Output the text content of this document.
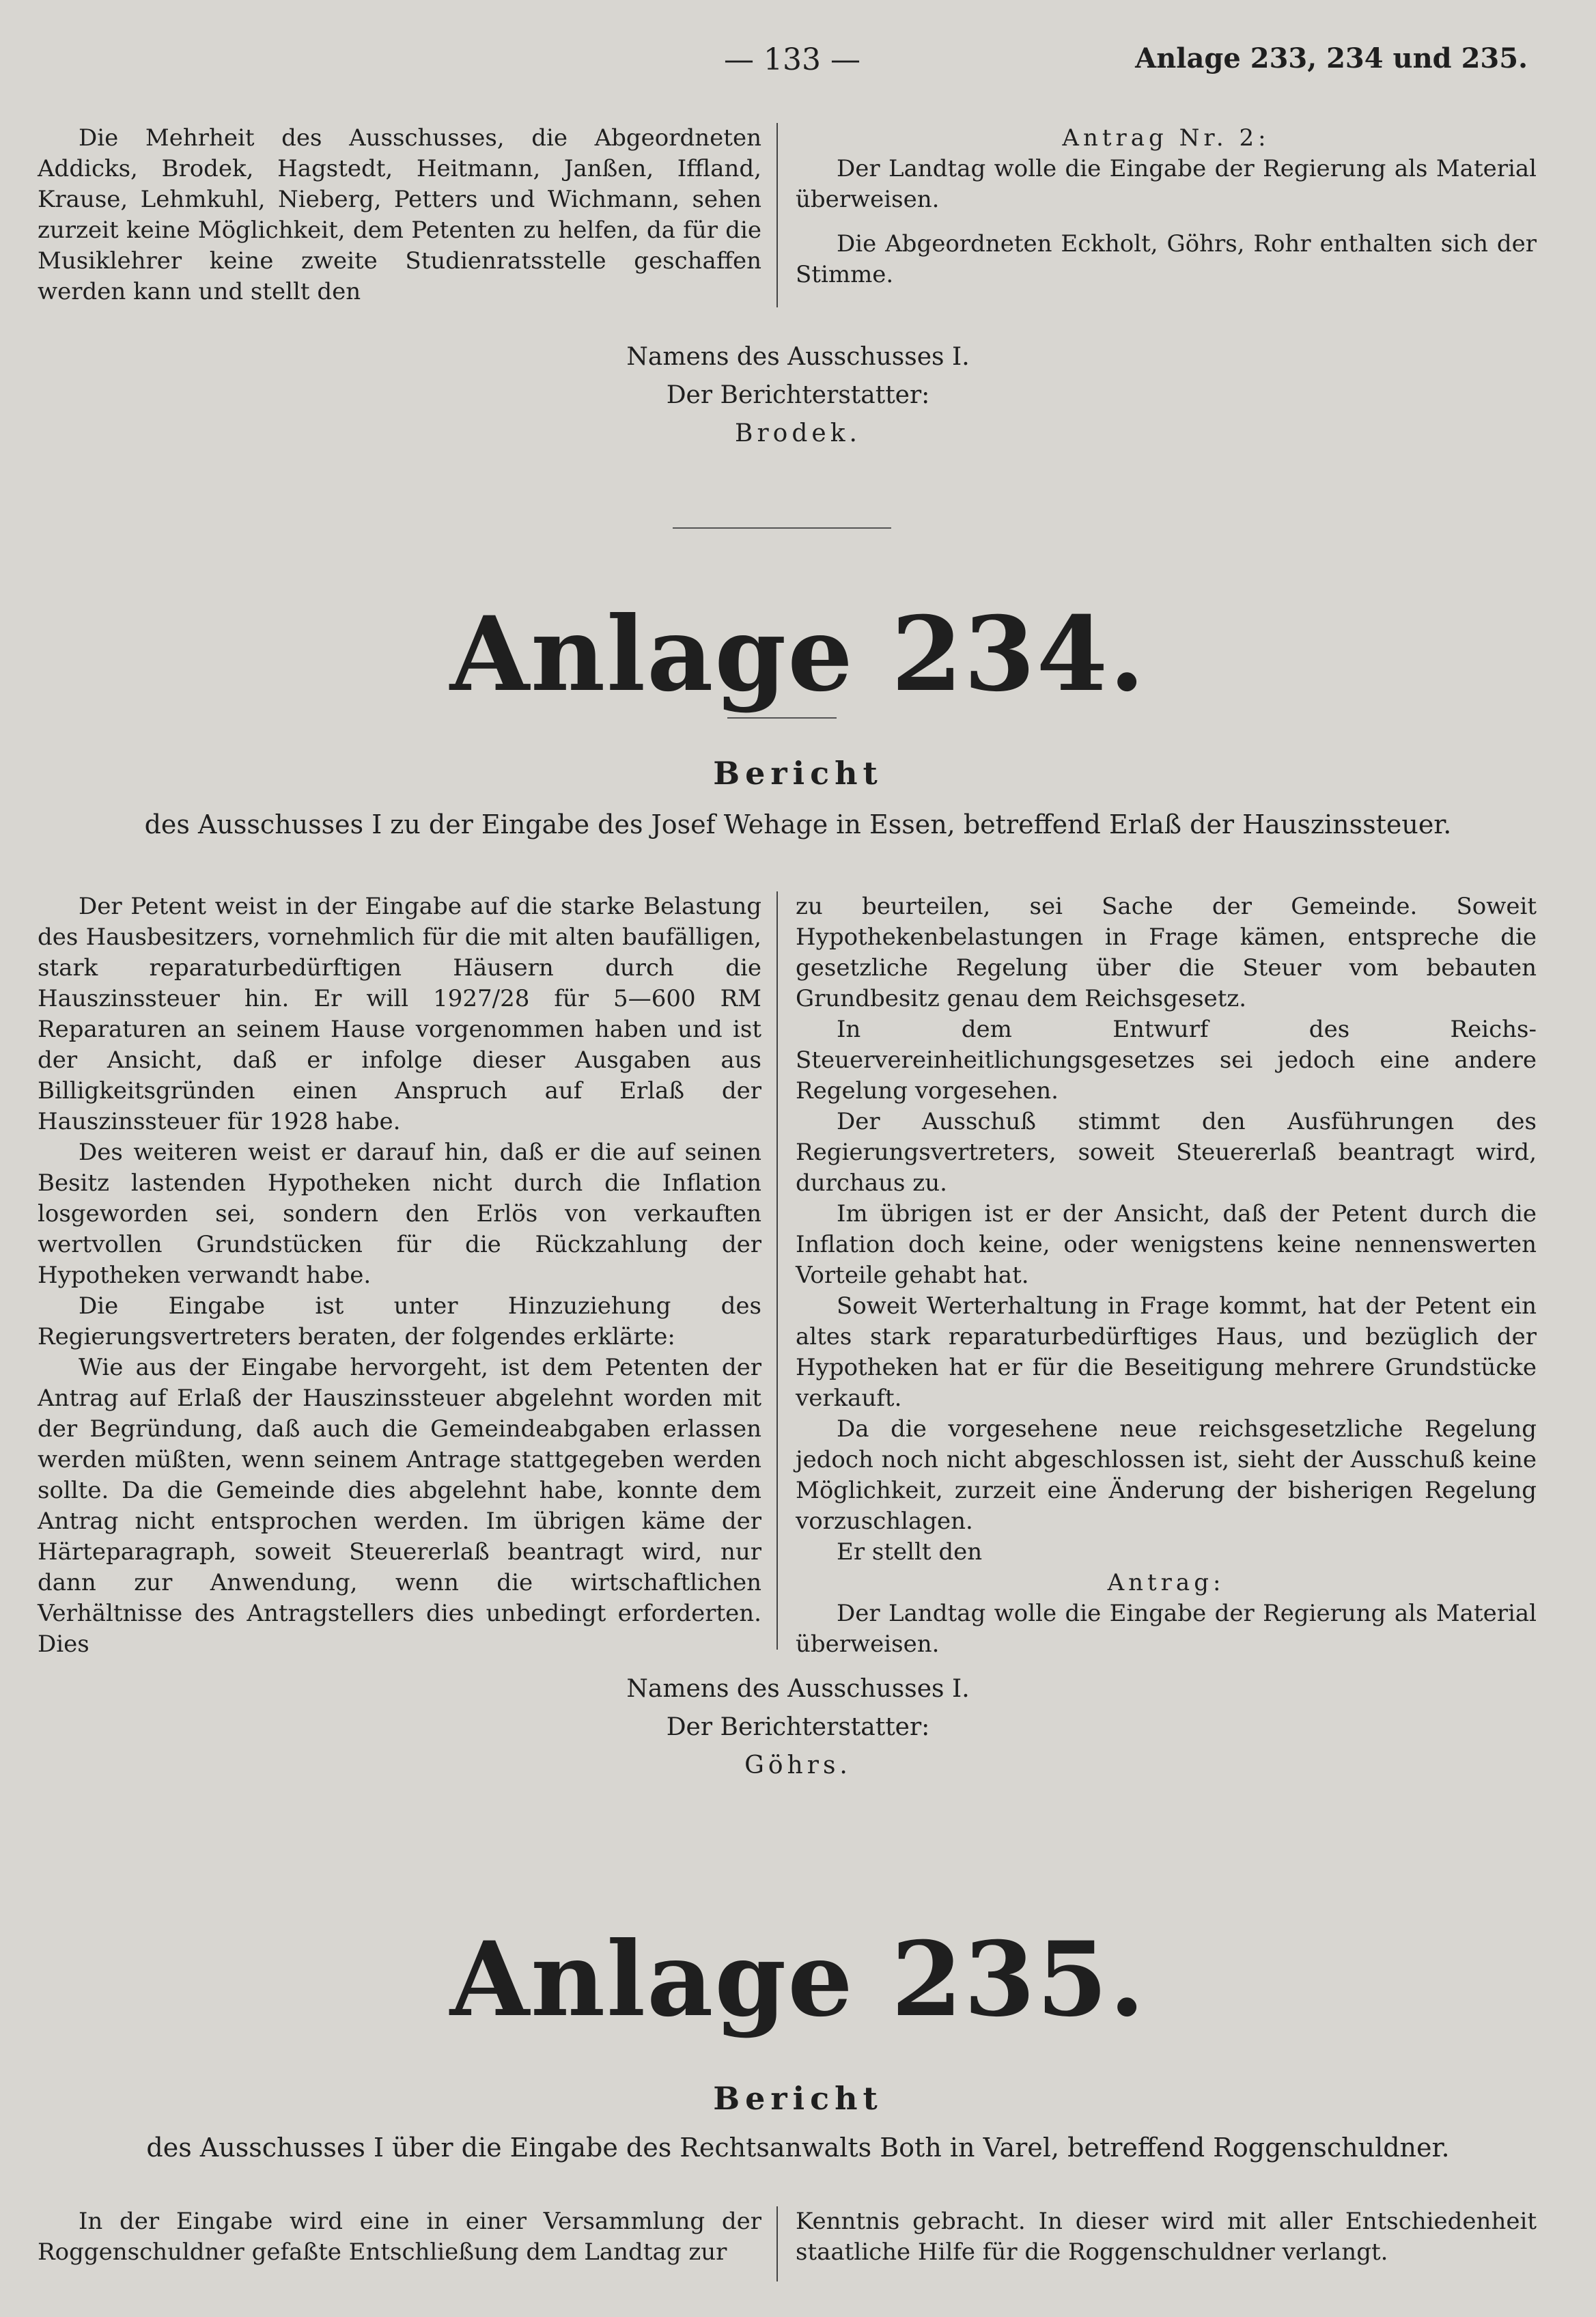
— 133 —	Anlage 233, 234 und 235.

Die Mehrheit des Ausschusses, die Abgeordneten Addicks, Brodek, Hagstedt, Heitmann, Janßen, Iffland, Krause, Lehmkuhl, Nieberg, Petters und Wichmann, sehen zurzeit keine Möglichkeit, dem Petenten zu helfen, da für die Musiklehrer keine zweite Studienratsstelle geschaffen werden kann und stellt den

Antrag Nr. 2:

Der Landtag wolle die Eingabe der Regierung als Material überweisen.

Die Abgeordneten Eckholt, Göhrs, Rohr enthalten sich der Stimme.

Namens des Ausschusses I.
Der Berichterstatter:
Brodek.
Anlage 234.
Bericht
des Ausschusses I zu der Eingabe des Josef Wehage in Essen, betreffend Erlaß der Hauszinssteuer.

Der Petent weist in der Eingabe auf die starke Belastung des Hausbesitzers, vornehmlich für die mit alten baufälligen, stark reparaturbedürftigen Häusern durch die Hauszinssteuer hin. Er will 1927/28 für 5—600 RM Reparaturen an seinem Hause vorgenommen haben und ist der Ansicht, daß er infolge dieser Ausgaben aus Billigkeitsgründen einen Anspruch auf Erlaß der Hauszinssteuer für 1928 habe.

Des weiteren weist er darauf hin, daß er die auf seinen Besitz lastenden Hypotheken nicht durch die Inflation losgeworden sei, sondern den Erlös von verkauften wertvollen Grundstücken für die Rückzahlung der Hypotheken verwandt habe.

Die Eingabe ist unter Hinzuziehung des Regierungsvertreters beraten, der folgendes erklärte:

Wie aus der Eingabe hervorgeht, ist dem Petenten der Antrag auf Erlaß der Hauszinssteuer abgelehnt worden mit der Begründung, daß auch die Gemeindeabgaben erlassen werden müßten, wenn seinem Antrage stattgegeben werden sollte. Da die Gemeinde dies abgelehnt habe, konnte dem Antrag nicht entsprochen werden. Im übrigen käme der Härteparagraph, soweit Steuererlaß beantragt wird, nur dann zur Anwendung, wenn die wirtschaftlichen Verhältnisse des Antragstellers dies unbedingt erforderten. Dies

zu beurteilen, sei Sache der Gemeinde. Soweit Hypothekenbelastungen in Frage kämen, entspreche die gesetzliche Regelung über die Steuer vom bebauten Grundbesitz genau dem Reichsgesetz.

In dem Entwurf des Reichs-Steuervereinheitlichungsgesetzes sei jedoch eine andere Regelung vorgesehen.

Der Ausschuß stimmt den Ausführungen des Regierungsvertreters, soweit Steuererlaß beantragt wird, durchaus zu.

Im übrigen ist er der Ansicht, daß der Petent durch die Inflation doch keine, oder wenigstens keine nennenswerten Vorteile gehabt hat.

Soweit Werterhaltung in Frage kommt, hat der Petent ein altes stark reparaturbedürftiges Haus, und bezüglich der Hypotheken hat er für die Beseitigung mehrere Grundstücke verkauft.

Da die vorgesehene neue reichsgesetzliche Regelung jedoch noch nicht abgeschlossen ist, sieht der Ausschuß keine Möglichkeit, zurzeit eine Änderung der bisherigen Regelung vorzuschlagen.

Er stellt den

Antrag:

Der Landtag wolle die Eingabe der Regierung als Material überweisen.

Namens des Ausschusses I.
Der Berichterstatter:
Göhrs.
Anlage 235.
Bericht
des Ausschusses I über die Eingabe des Rechtsanwalts Both in Varel, betreffend Roggenschuldner.

In der Eingabe wird eine in einer Versammlung der Roggenschuldner gefaßte Entschließung dem Landtag zur

Kenntnis gebracht. In dieser wird mit aller Entschiedenheit staatliche Hilfe für die Roggenschuldner verlangt.
